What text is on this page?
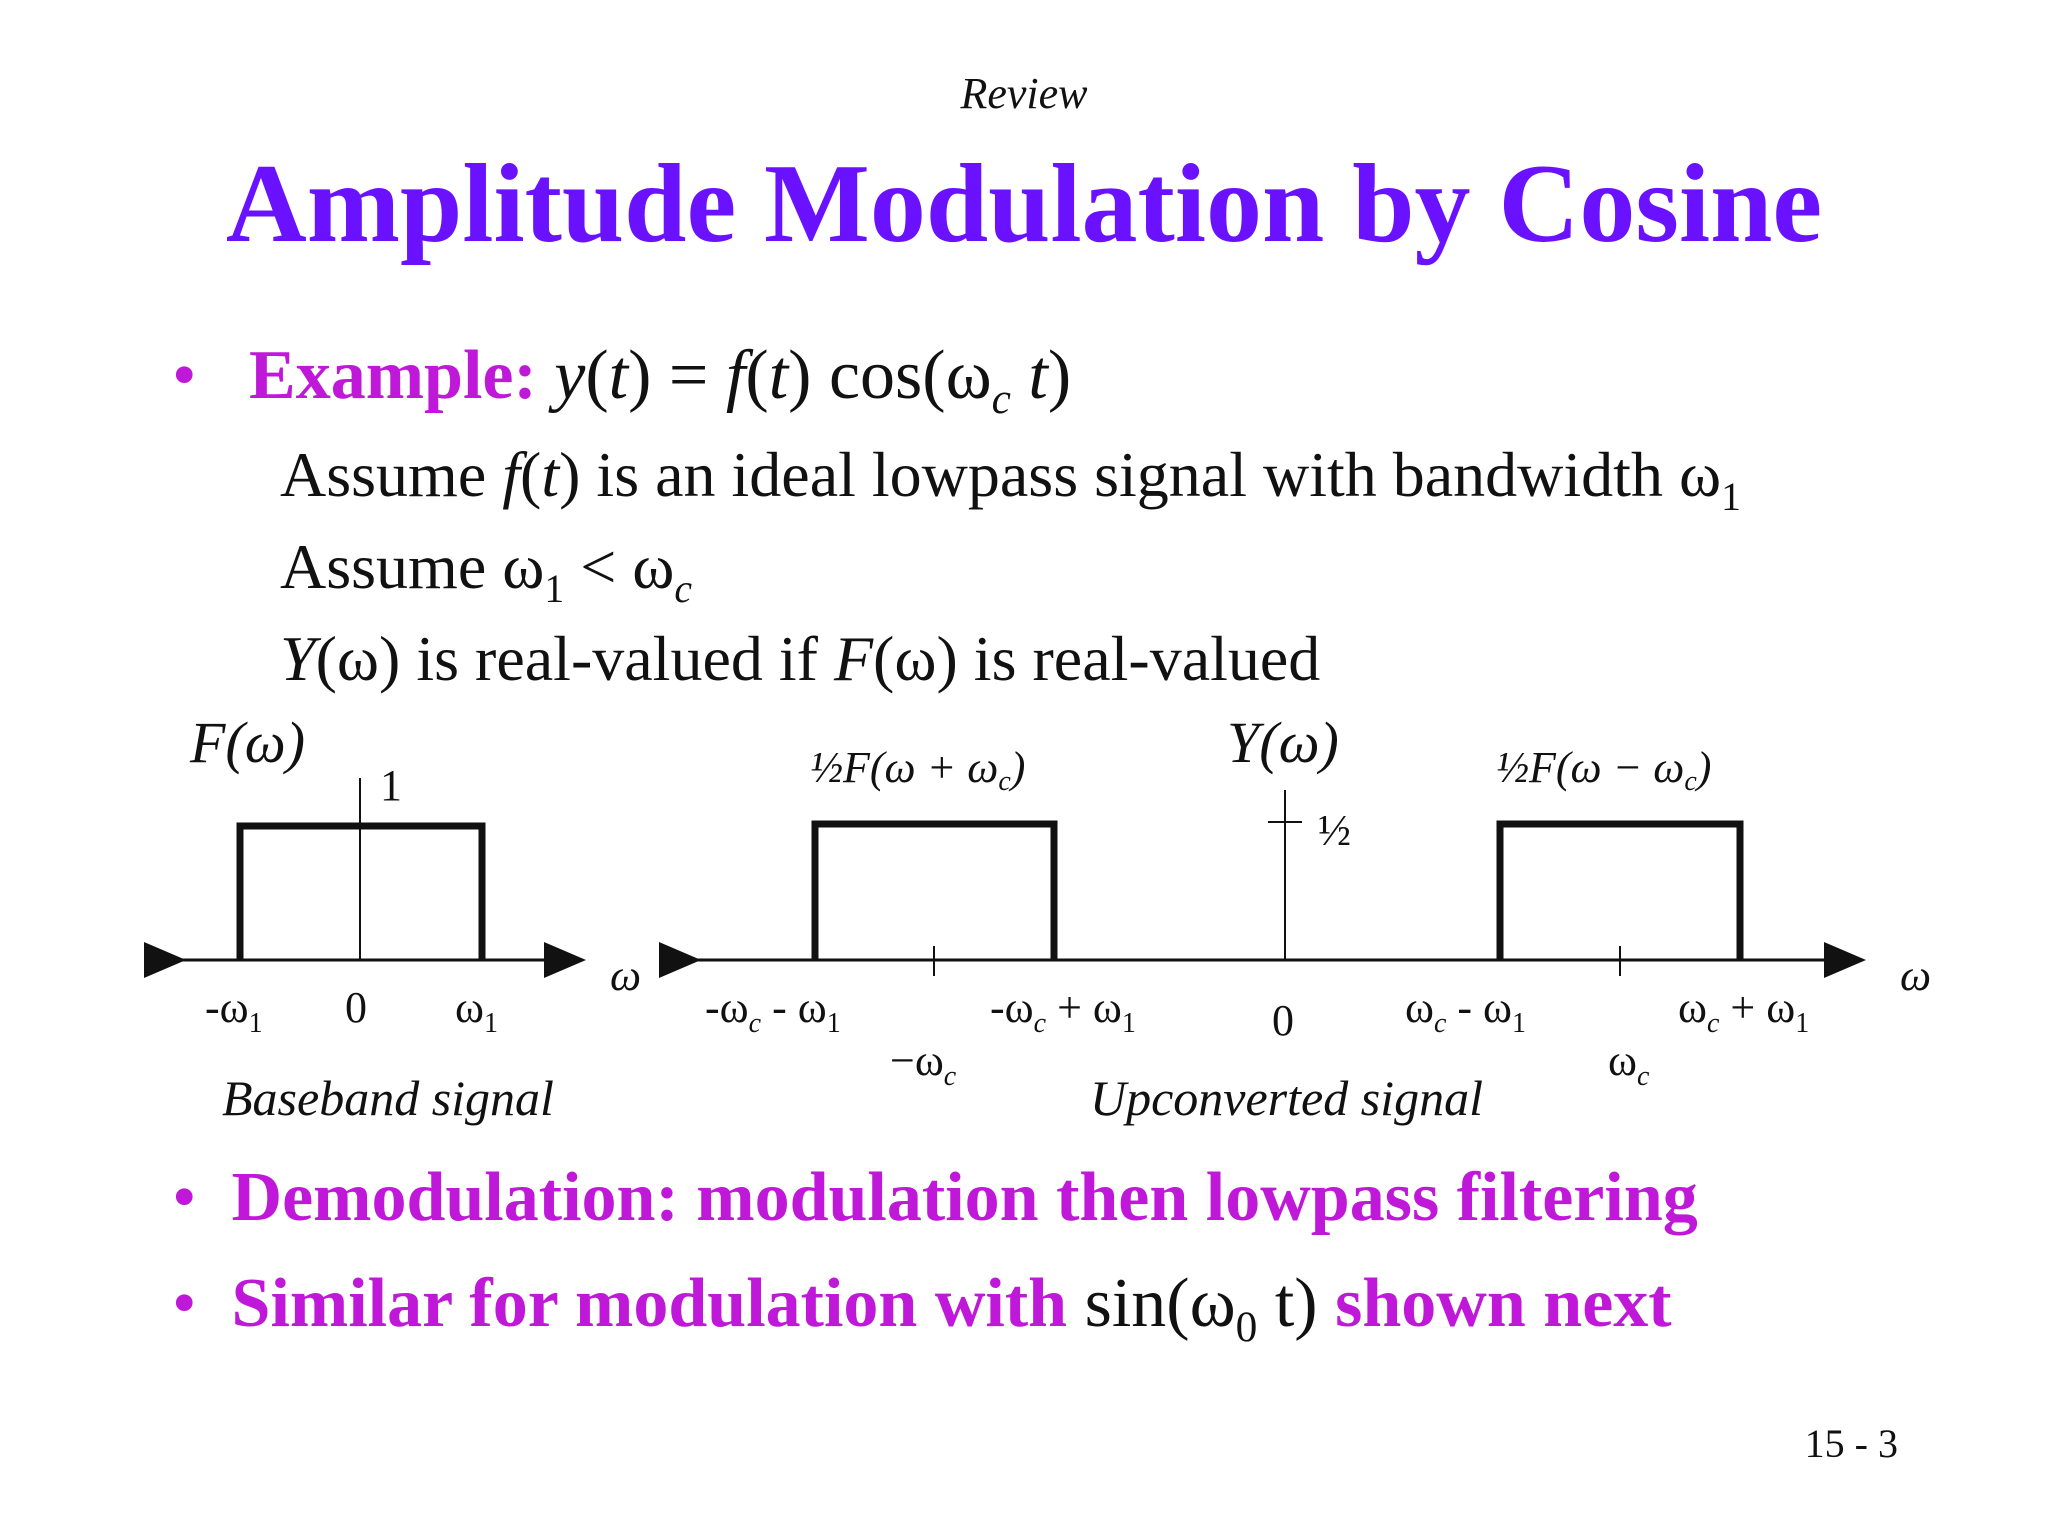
Review
Amplitude Modulation by Cosine
• Example: y(t) = f(t) $\cos(\omega_c$ t)
Assume f(t) is an ideal lowpass signal with bandwidth $\omega_1$
Assume $\omega_1 < \omega_c$
Y(ω) is real-valued if F(ω) is real-valued
F(ω)
1
ω
$-\omega_1$ 0 $\omega_1$
Baseband signal
Y(ω)
½F(ω + ωc)	½F(ω − ωc)
½
ω
$-\omega_c - \omega_1$	$-\omega_c + \omega_1$	0	$\omega_c - \omega_1$	$\omega_c + \omega_1$
$-\omega_c$	$\omega_c$
Upconverted signal
• Demodulation: modulation then lowpass filtering
• Similar for modulation with $\sin(\omega_0$ t) shown next
15 - 3
